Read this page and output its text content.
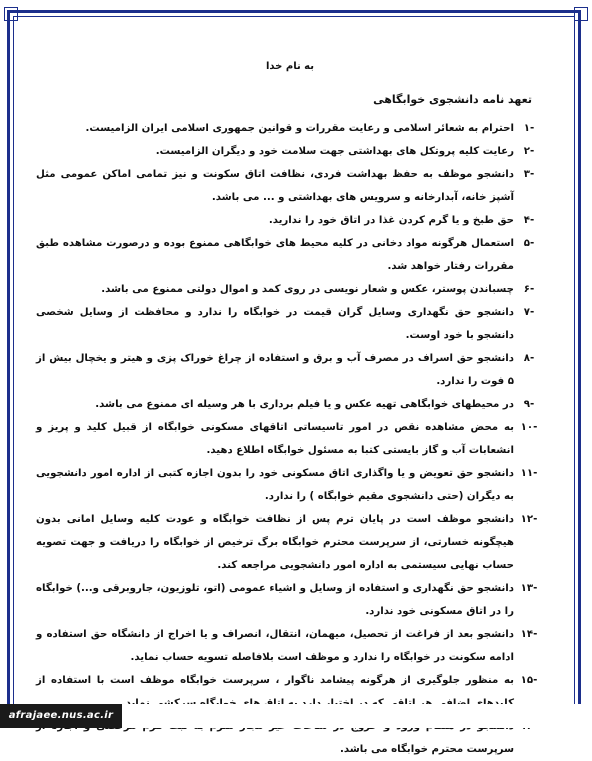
به نام خدا
تعهد نامه دانشجوی خوابگاهی
-۱
احترام به شعائر اسلامی و رعایت مقررات و قوانین جمهوری اسلامی ایران الزامیست.
-۲
رعایت کلیه پروتکل های بهداشتی جهت سلامت خود و دیگران الزامیست.
-۳
دانشجو موظف به حفظ بهداشت فردی، نظافت اتاق سکونت و نیز تمامی اماکن عمومی مثل آشپز خانه، آبدارخانه و سرویس های بهداشتی و ... می باشد.
-۴
حق طبخ و یا گرم کردن غذا در اتاق خود را ندارید.
-۵
استعمال هرگونه مواد دخانی در کلیه محیط های خوابگاهی ممنوع بوده و درصورت مشاهده طبق مقررات رفتار خواهد شد.
-۶
چسباندن پوستر، عکس و شعار نویسی در روی کمد و اموال دولتی ممنوع می باشد.
-۷
دانشجو حق نگهداری وسایل گران قیمت در خوابگاه را ندارد و محافظت از وسایل شخصی دانشجو با خود اوست.
-۸
دانشجو حق اسراف در مصرف آب و برق و استفاده از چراغ خوراک پزی و هیتر و یخچال بیش از ۵ فوت را ندارد.
-۹
در محیطهای خوابگاهی تهیه عکس و یا فیلم برداری با هر وسیله ای ممنوع می باشد.
-۱۰
به محض مشاهده نقص در امور تاسیساتی اتاقهای مسکونی خوابگاه از قبیل کلید و پریز و انشعابات آب و گاز بایستی کتبا به مسئول خوابگاه اطلاع دهید.
-۱۱
دانشجو حق تعویض و یا واگذاری اتاق مسکونی خود را بدون اجازه کتبی از اداره امور دانشجویی به دیگران (حتی دانشجوی مقیم خوابگاه ) را ندارد.
-۱۲
دانشجو موظف است در پایان ترم پس از نظافت خوابگاه و عودت کلیه وسایل امانی بدون هیچگونه خسارتی، از سرپرست محترم خوابگاه برگ ترخیص از خوابگاه را دریافت و جهت تصویه حساب نهایی سیستمی به اداره امور دانشجویی مراجعه کند.
-۱۳
دانشجو حق نگهداری و استفاده از وسایل و اشیاء عمومی (اتو، تلوزیون، جاروبرقی و...) خوابگاه را در اتاق مسکونی خود ندارد.
-۱۴
دانشجو بعد از فراغت از تحصیل، میهمان، انتقال، انصراف و یا اخراج از دانشگاه حق استفاده و ادامه سکونت در خوابگاه را ندارد و موظف است بلافاصله تسویه حساب نماید.
-۱۵
به منظور جلوگیری از هرگونه پیشامد ناگوار ، سرپرست خوابگاه موظف است با استفاده از
سرپرست محترم خوابگاه می باشد.
afrajaee.nus.ac.ir
